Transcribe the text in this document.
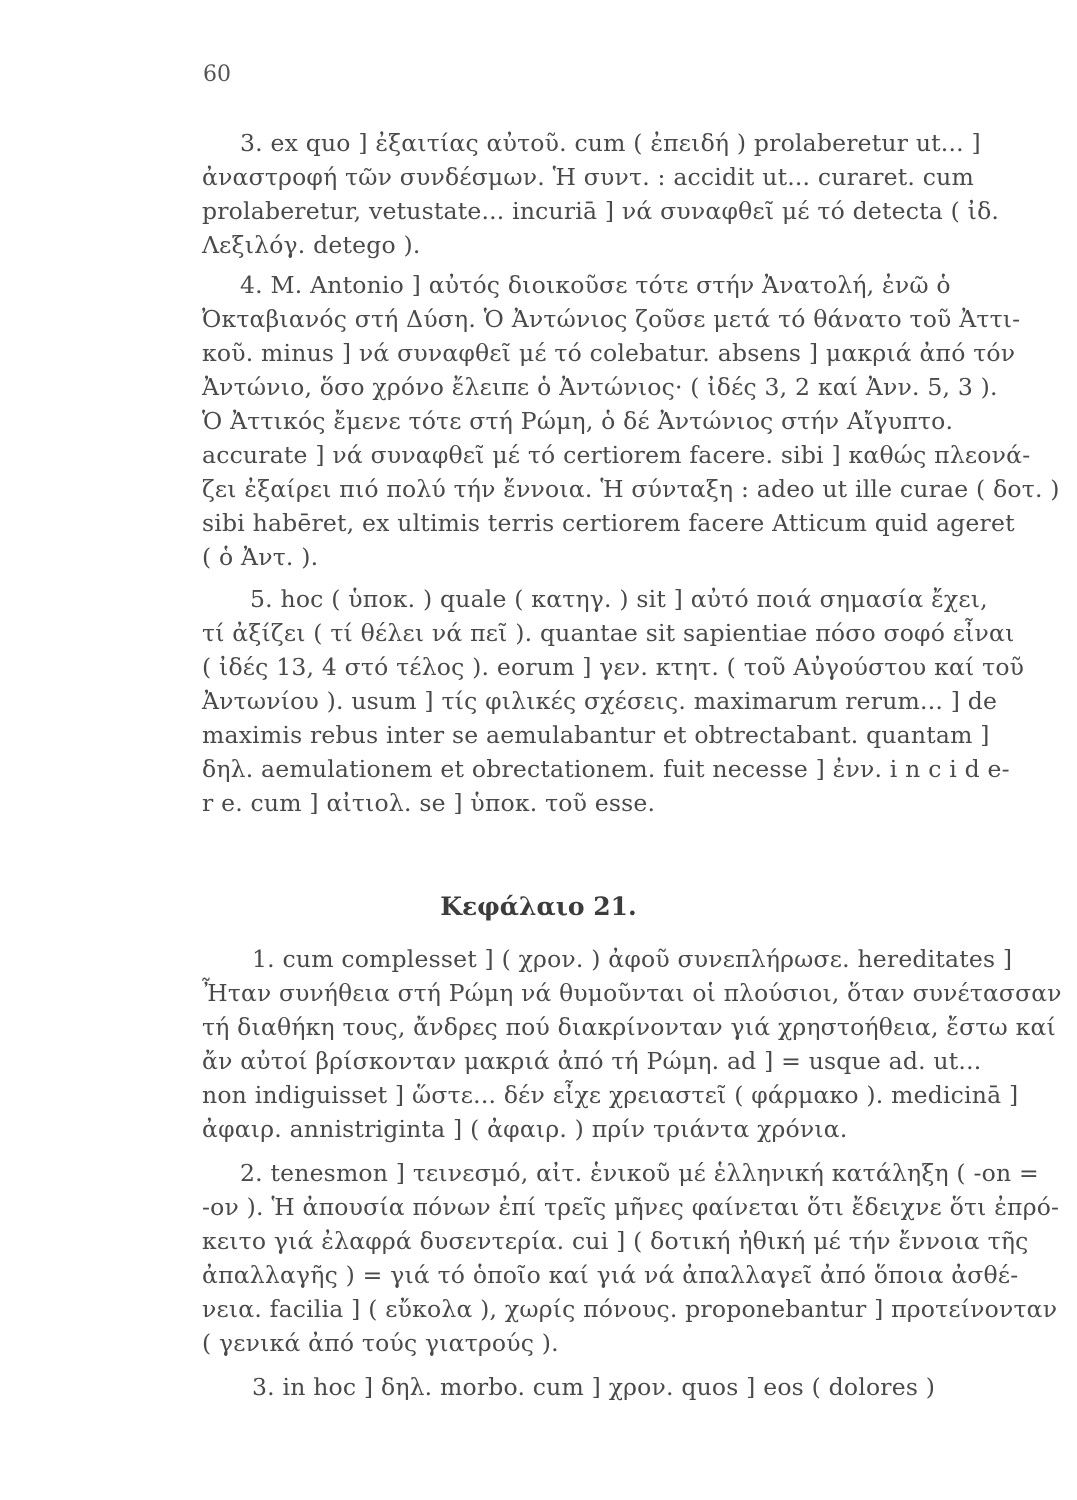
60
3. ex quo ] ἐξαιτίας αὐτοῦ. cum ( ἐπειδή ) prolaberetur ut... ]
ἀναστροφή τῶν συνδέσμων. Ἡ συντ. : accidit ut... curaret. cum
prolaberetur, vetustate... incuriā ] νά συναφθεῖ μέ τό detecta ( ἰδ.
Λεξιλόγ. detego ).
4. M. Antonio ] αὐτός διοικοῦσε τότε στήν Ἀνατολή, ἐνῶ ὁ
Ὀκταβιανός στή Δύση. Ὁ Ἀντώνιος ζοῦσε μετά τό θάνατο τοῦ Ἀττι-
κοῦ. minus ] νά συναφθεῖ μέ τό colebatur. absens ] μακριά ἀπό τόν
Ἀντώνιο, ὅσο χρόνο ἔλειπε ὁ Ἀντώνιος· ( ἰδές 3, 2 καί Ἀνν. 5, 3 ).
Ὁ Ἀττικός ἔμενε τότε στή Ρώμη, ὁ δέ Ἀντώνιος στήν Αἴγυπτο.
accurate ] νά συναφθεῖ μέ τό certiorem facere. sibi ] καθώς πλεονά-
ζει ἐξαίρει πιό πολύ τήν ἔννοια. Ἡ σύνταξη : adeo ut ille curae ( δοτ. )
sibi habēret, ex ultimis terris certiorem facere Atticum quid ageret
( ὁ Ἀντ. ).
5. hoc ( ὑποκ. ) quale ( κατηγ. ) sit ] αὐτό ποιά σημασία ἔχει,
τί ἀξίζει ( τί θέλει νά πεῖ ). quantae sit sapientiae πόσο σοφό εἶναι
( ἰδές 13, 4 στό τέλος ). eorum ] γεν. κτητ. ( τοῦ Αὐγούστου καί τοῦ
Ἀντωνίου ). usum ] τίς φιλικές σχέσεις. maximarum rerum... ] de
maximis rebus inter se aemulabantur et obtrectabant. quantam ]
δηλ. aemulationem et obrectationem. fuit necesse ] ἐνν. i n c i d e-
r e. cum ] αἰτιολ. se ] ὑποκ. τοῦ esse.
Κεφάλαιο 21.
1. cum complesset ] ( χρον. ) ἀφοῦ συνεπλήρωσε. hereditates ]
Ἦταν συνήθεια στή Ρώμη νά θυμοῦνται οἱ πλούσιοι, ὅταν συνέτασσαν
τή διαθήκη τους, ἄνδρες πού διακρίνονταν γιά χρηστοήθεια, ἔστω καί
ἄν αὐτοί βρίσκονταν μακριά ἀπό τή Ρώμη. ad ] = usque ad. ut...
non indiguisset ] ὥστε... δέν εἶχε χρειαστεῖ ( φάρμακο ). medicinā ]
ἀφαιρ. annistriginta ] ( ἀφαιρ. ) πρίν τριάντα χρόνια.
2. tenesmon ] τεινεσμό, αἰτ. ἑνικοῦ μέ ἑλληνική κατάληξη ( -on =
-ον ). Ἡ ἀπουσία πόνων ἐπί τρεῖς μῆνες φαίνεται ὅτι ἔδειχνε ὅτι ἐπρό-
κειτο γιά ἐλαφρά δυσεντερία. cui ] ( δοτική ἠθική μέ τήν ἔννοια τῆς
ἀπαλλαγῆς ) = γιά τό ὁποῖο καί γιά νά ἀπαλλαγεῖ ἀπό ὅποια ἀσθέ-
νεια. facilia ] ( εὔκολα ), χωρίς πόνους. proponebantur ] προτείνονταν
( γενικά ἀπό τούς γιατρούς ).
3. in hoc ] δηλ. morbo. cum ] χρον. quos ] eos ( dolores )
